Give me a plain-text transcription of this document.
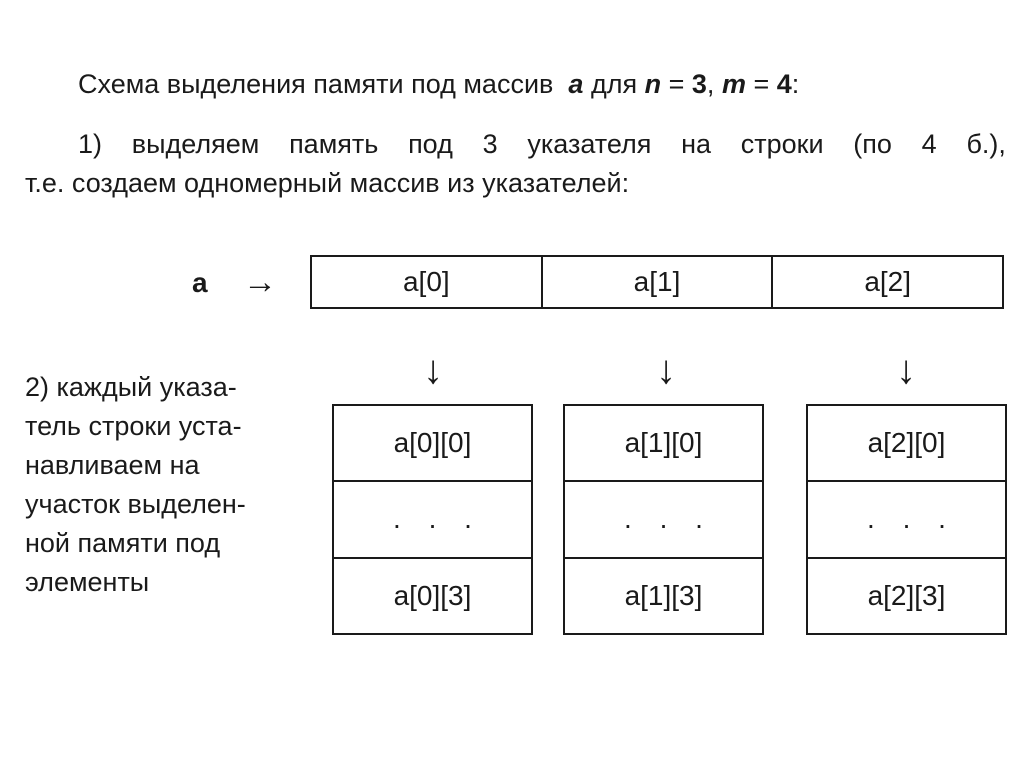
Схема выделения памяти под массив a для n = 3, m = 4:
1) выделяем память под 3 указателя на строки (по 4 б.),
т.е. создаем одномерный массив из указателей:
a →	a[0]	a[1]	a[2]
↓	↓	↓
2) каждый указа-
тель строки уста-
навливаем на
участок выделен-
ной памяти под
элементы
a[0][0]
. . .
a[0][3]
a[1][0]
. . .
a[1][3]
a[2][0]
. . .
a[2][3]
